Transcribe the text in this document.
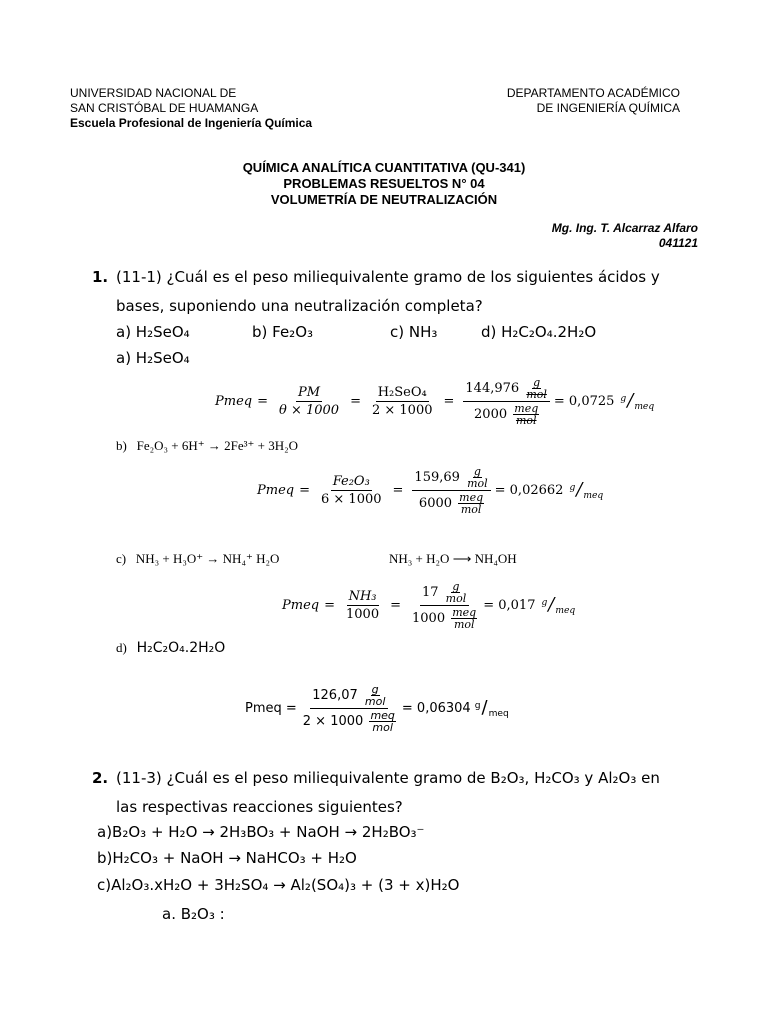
UNIVERSIDAD NACIONAL DE
SAN CRISTÓBAL DE HUAMANGA
Escuela Profesional de Ingeniería Química
DEPARTAMENTO ACADÉMICO
DE INGENIERÍA QUÍMICA
QUÍMICA ANALÍTICA CUANTITATIVA (QU-341)
PROBLEMAS RESUELTOS N° 04
VOLUMETRÍA DE NEUTRALIZACIÓN
Mg. Ing. T. Alcarraz Alfaro
041121
1. (11-1) ¿Cuál es el peso miliequivalente gramo de los siguientes ácidos y
bases, suponiendo una neutralización completa?
a) H₂SeO₄	b) Fe₂O₃	c) NH₃	d) H₂C₂O₄.2H₂O
a) H₂SeO₄
Pmeq = $\frac{PM}{\theta \times 1000} = \frac{\text{H₂SeO₄}}{2 \times 1000} = 144,976$ g
mol
2000 meq
mol = 0,0725 $^g/_{meq}$
b) Fe₂O₃ + 6H⁺ → 2Fe³⁺ + 3H₂O
Pmeq = $\frac{\text{Fe₂O₃}}{6 \times 1000} = 159,69$ g
mol
6000 meq
mol = 0,02662 $^g/_{meq}$
c) NH₃ + H₃O⁺ → NH₄⁺ H₂O	NH₃ + H₂O ⟶ NH₄OH
Pmeq = $\frac{\text{NH₃}}{1000} = 17$ g
mol
1000 meq
mol = 0,017 $^g/_{meq}$
d) H₂C₂O₄.2H₂O
Pmeq = 126,07 g
mol
2 × 1000 meq
mol = 0,06304 $^g/_{meq}$
2. (11-3) ¿Cuál es el peso miliequivalente gramo de B₂O₃, H₂CO₃ y Al₂O₃ en
las respectivas reacciones siguientes?
a)B₂O₃ + H₂O → 2H₃BO₃ + NaOH → 2H₂BO₃⁻
b)H₂CO₃ + NaOH → NaHCO₃ + H₂O
c)Al₂O₃.xH₂O + 3H₂SO₄ → Al₂(SO₄)₃ + (3 + x)H₂O
a. B₂O₃ :
